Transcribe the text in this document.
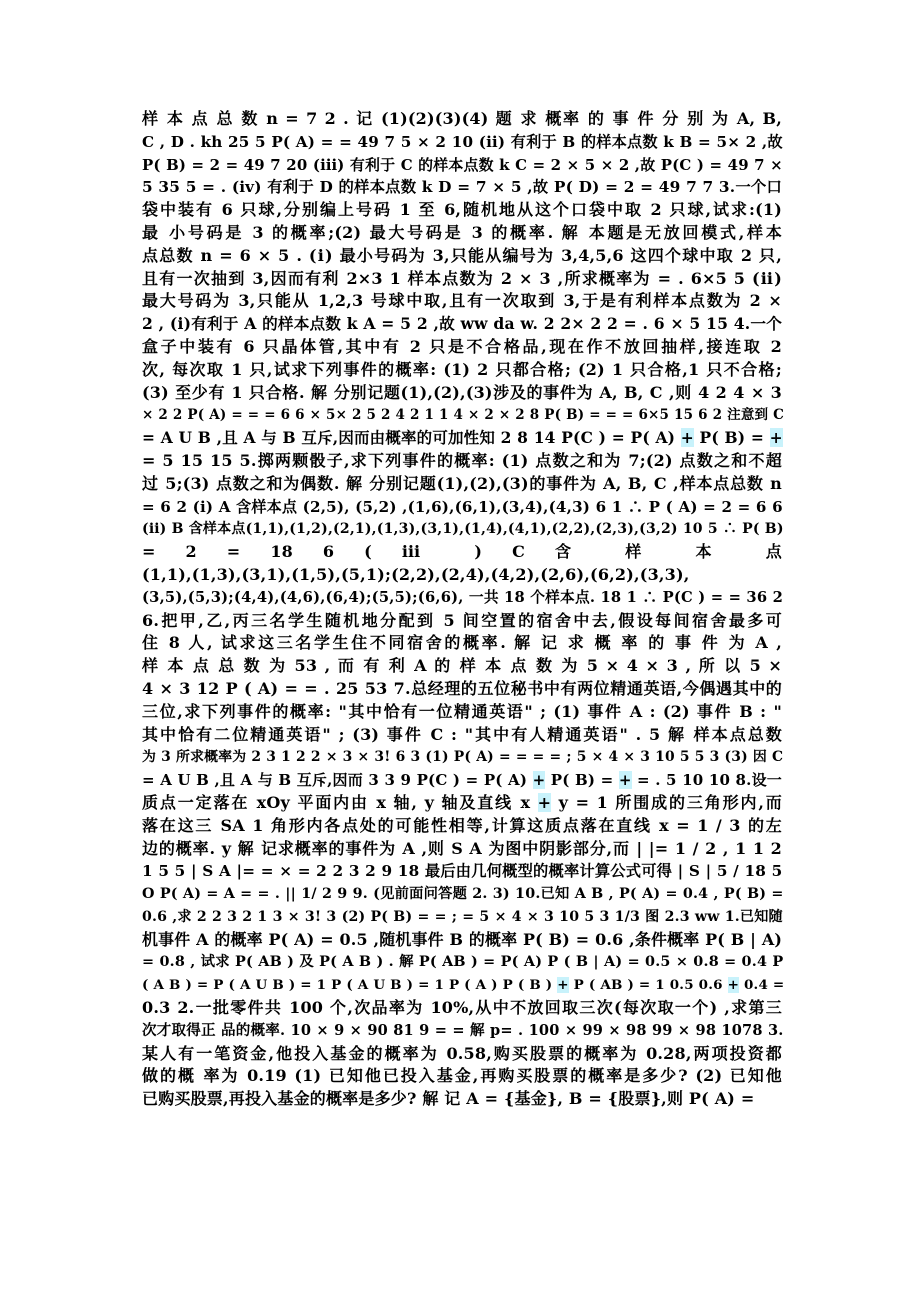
样 本 点 总 数 n = 7 2 . 记 (1)(2)(3)(4) 题 求 概率 的 事 件 分 别 为 A, B,
C , D . kh 25 5 P( A) = = 49 7 5 × 2 10 (ⅱ) 有利于 B 的样本点数 k B = 5× 2 ,故
P( B) = 2 = 49 7 20 (ⅲ) 有利于 C 的样本点数 k C = 2 × 5 × 2 ,故 P(C ) = 49 7 ×
5 35 5 = . (ⅳ) 有利于 D 的样本点数 k D = 7 × 5 ,故 P( D) = 2 = 49 7 7 3.一个口
袋中装有 6 只球,分别编上号码 1 至 6,随机地从这个口袋中取 2 只球,试求:(1)
最 小号码是 3 的概率;(2) 最大号码是 3 的概率. 解 本题是无放回模式,样本
点总数 n = 6 × 5 . (ⅰ) 最小号码为 3,只能从编号为 3,4,5,6 这四个球中取 2 只,
且有一次抽到 3,因而有利 2×3 1 样本点数为 2 × 3 ,所求概率为 = . 6×5 5 (ⅱ)
最大号码为 3,只能从 1,2,3 号球中取,且有一次取到 3,于是有利样本点数为 2 ×
2 , (ⅰ)有利于 A 的样本点数 k A = 5 2 ,故 ww da w. 2 2× 2 2 = . 6 × 5 15 4.一个
盒子中装有 6 只晶体管,其中有 2 只是不合格品,现在作不放回抽样,接连取 2
次, 每次取 1 只,试求下列事件的概率: (1) 2 只都合格; (2) 1 只合格,1 只不合格;
(3) 至少有 1 只合格. 解 分别记题(1),(2),(3)涉及的事件为 A, B, C ,则 4 2 4 × 3
× 2 2 P( A) = = = 6 6 × 5× 2 5 2 4 2 1 1 4 × 2 × 2 8 P( B) = = = 6×5 15 6 2 注意到 C
= A U B ,且 A 与 B 互斥,因而由概率的可加性知 2 8 14 P(C ) = P( A) + P( B) = +
= 5 15 15 5.掷两颗骰子,求下列事件的概率: (1) 点数之和为 7;(2) 点数之和不超
过 5;(3) 点数之和为偶数. 解 分别记题(1),(2),(3)的事件为 A, B, C ,样本点总数 n
= 6 2 (ⅰ) A 含样本点 (2,5), (5,2) ,(1,6),(6,1),(3,4),(4,3) 6 1 ∴ P ( A) = 2 = 6 6
(ⅱ) B 含样本点(1,1),(1,2),(2,1),(1,3),(3,1),(1,4),(4,1),(2,2),(2,3),(3,2) 10 5 ∴ P( B)
= 2 = 18 6 ( ⅲ ) C 含 样 本 点
(1,1),(1,3),(3,1),(1,5),(5,1);(2,2),(2,4),(4,2),(2,6),(6,2),(3,3),
(3,5),(5,3);(4,4),(4,6),(6,4);(5,5);(6,6), 一共 18 个样本点. 18 1 ∴ P(C ) = = 36 2
6.把甲,乙,丙三名学生随机地分配到 5 间空置的宿舍中去,假设每间宿舍最多可
住 8 人, 试求这三名学生住不同宿舍的概率. 解 记 求 概 率 的 事 件 为 A ,
样 本 点 总 数 为 53 , 而 有 利 A 的 样 本 点 数 为 5 × 4 × 3 , 所 以 5 ×
4 × 3 12 P ( A) = = . 25 53 7.总经理的五位秘书中有两位精通英语,今偶遇其中的
三位,求下列事件的概率: "其中恰有一位精通英语" ; (1) 事件 A : (2) 事件 B : "
其中恰有二位精通英语" ; (3) 事件 C : "其中有人精通英语" . 5 解 样本点总数
为 3 所求概率为 2 3 1 2 2 × 3 × 3! 6 3 (1) P( A) = = = = ; 5 × 4 × 3 10 5 5 3 (3) 因 C
= A U B ,且 A 与 B 互斥,因而 3 3 9 P(C ) = P( A) + P( B) = + = . 5 10 10 8.设一
质点一定落在 xOy 平面内由 x 轴, y 轴及直线 x + y = 1 所围成的三角形内,而
落在这三 SA 1 角形内各点处的可能性相等,计算这质点落在直线 x = 1 / 3 的左
边的概率. y 解 记求概率的事件为 A ,则 S A 为图中阴影部分,而 | |= 1 / 2 , 1 1 2
1 5 5 | S A |= = × = 2 2 3 2 9 18 最后由几何概型的概率计算公式可得 | S | 5 / 18 5
O P( A) = A = = . || 1/ 2 9 9. (见前面问答题 2. 3) 10.已知 A B , P( A) = 0.4 , P( B) =
0.6 ,求 2 2 3 2 1 3 × 3! 3 (2) P( B) = = ; = 5 × 4 × 3 10 5 3 1/3 图 2.3 ww 1.已知随
机事件 A 的概率 P( A) = 0.5 ,随机事件 B 的概率 P( B) = 0.6 ,条件概率 P( B | A)
= 0.8 , 试求 P( AB ) 及 P( A B ) . 解 P( AB ) = P( A) P ( B | A) = 0.5 × 0.8 = 0.4 P
( A B ) = P ( A U B ) = 1 P ( A U B ) = 1 P ( A ) P ( B ) + P ( AB ) = 1 0.5 0.6 + 0.4 =
0.3 2.一批零件共 100 个,次品率为 10%,从中不放回取三次(每次取一个) ,求第三
次才取得正 品的概率. 10 × 9 × 90 81 9 = = 解 p= . 100 × 99 × 98 99 × 98 1078 3.
某人有一笔资金,他投入基金的概率为 0.58,购买股票的概率为 0.28,两项投资都
做的概 率为 0.19 (1) 已知他已投入基金,再购买股票的概率是多少? (2) 已知他
已购买股票,再投入基金的概率是多少? 解 记 A = {基金}, B = {股票},则 P( A) =
